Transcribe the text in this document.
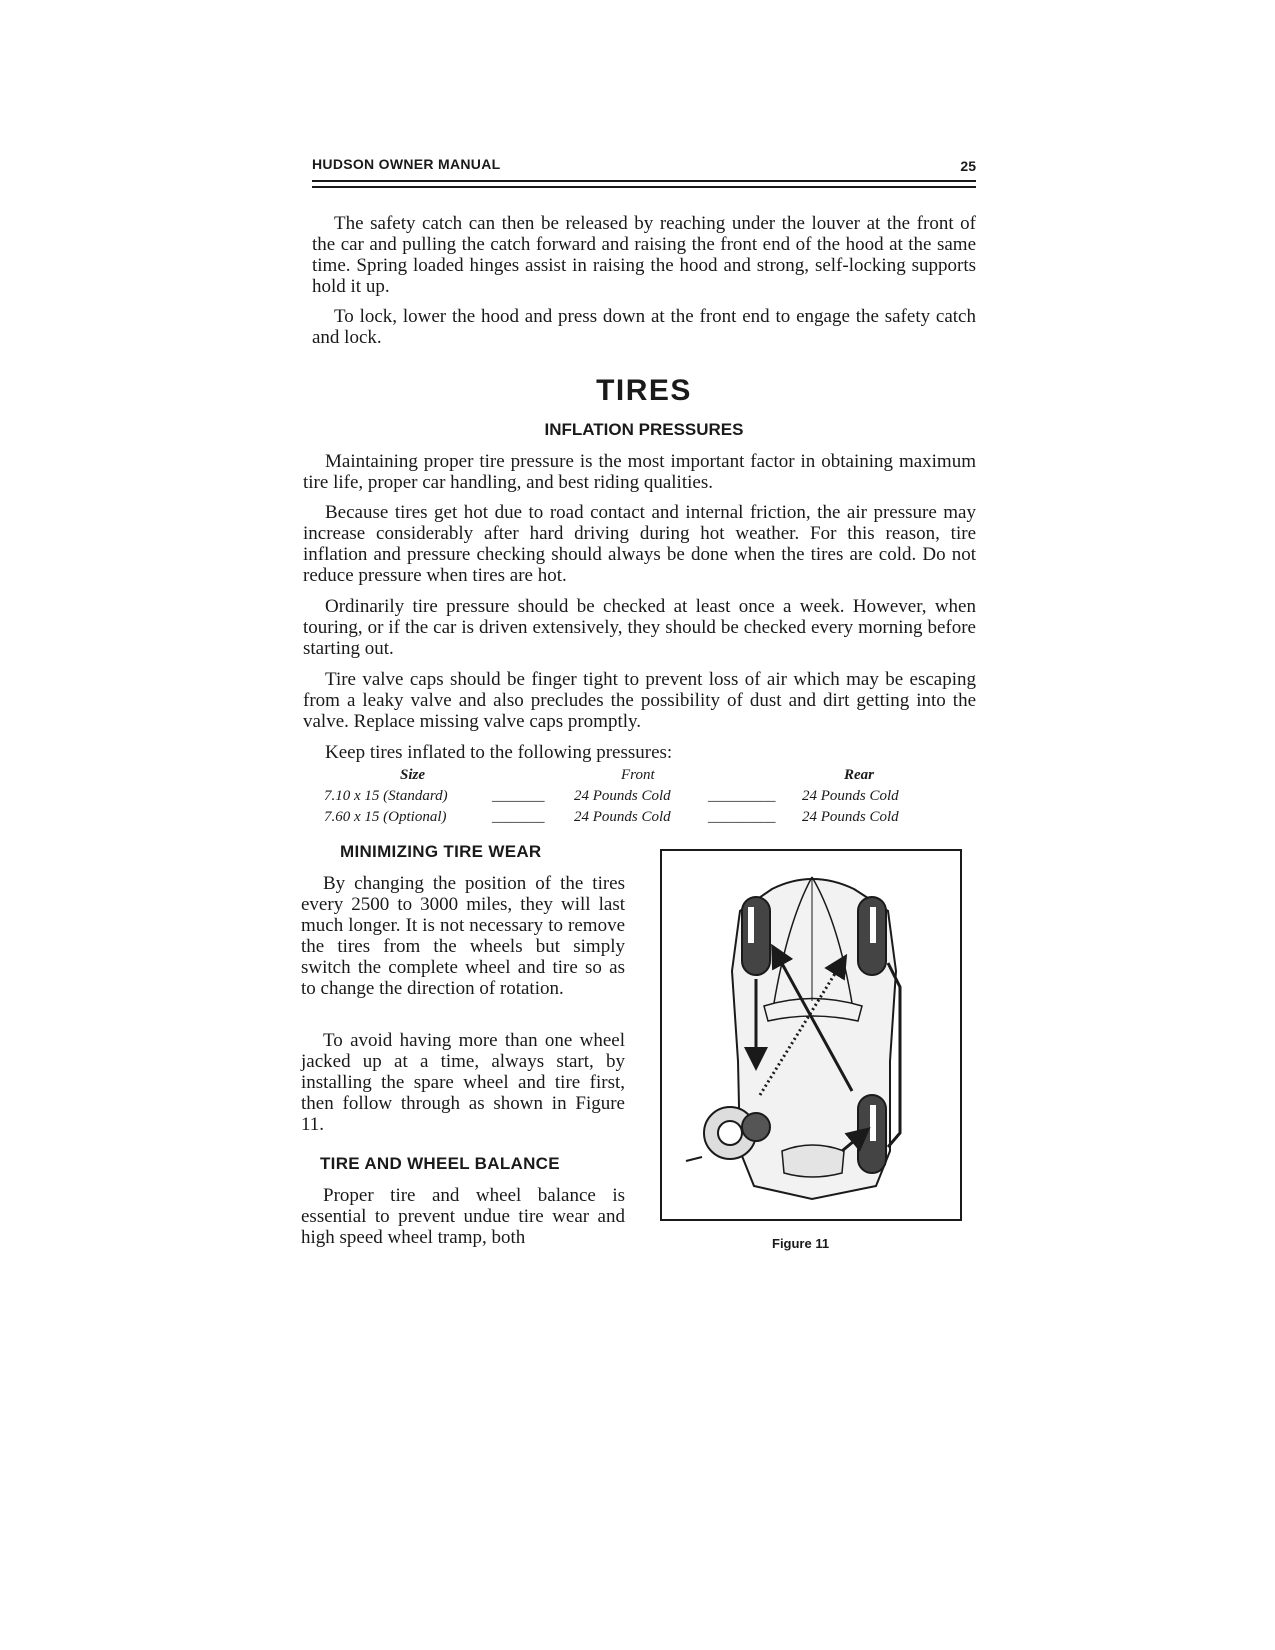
HUDSON OWNER MANUAL	25

The safety catch can then be released by reaching under the louver at the front of the car and pulling the catch forward and raising the front end of the hood at the same time. Spring loaded hinges assist in raising the hood and strong, self-locking supports hold it up.

To lock, lower the hood and press down at the front end to engage the safety catch and lock.

TIRES
INFLATION PRESSURES

Maintaining proper tire pressure is the most important factor in obtaining maximum tire life, proper car handling, and best riding qualities.

Because tires get hot due to road contact and internal friction, the air pressure may increase considerably after hard driving during hot weather. For this reason, tire inflation and pressure checking should always be done when the tires are cold. Do not reduce pressure when tires are hot.

Ordinarily tire pressure should be checked at least once a week. However, when touring, or if the car is driven extensively, they should be checked every morning before starting out.

Tire valve caps should be finger tight to prevent loss of air which may be escaping from a leaky valve and also precludes the possibility of dust and dirt getting into the valve. Replace missing valve caps promptly.

Keep tires inflated to the following pressures:

Size	Front	Rear
7.10 x 15 (Standard)	_______ 24 Pounds Cold _________ 24 Pounds Cold
7.60 x 15 (Optional)	_______ 24 Pounds Cold _________ 24 Pounds Cold
MINIMIZING TIRE WEAR

By changing the position of the tires every 2500 to 3000 miles, they will last much longer. It is not necessary to remove the tires from the wheels but simply switch the complete wheel and tire so as to change the direction of rotation.

To avoid having more than one wheel jacked up at a time, always start, by installing the spare wheel and tire first, then follow through as shown in Figure 11.

TIRE AND WHEEL BALANCE

Proper tire and wheel balance is essential to prevent undue tire wear and high speed wheel tramp, both	Figure 11
